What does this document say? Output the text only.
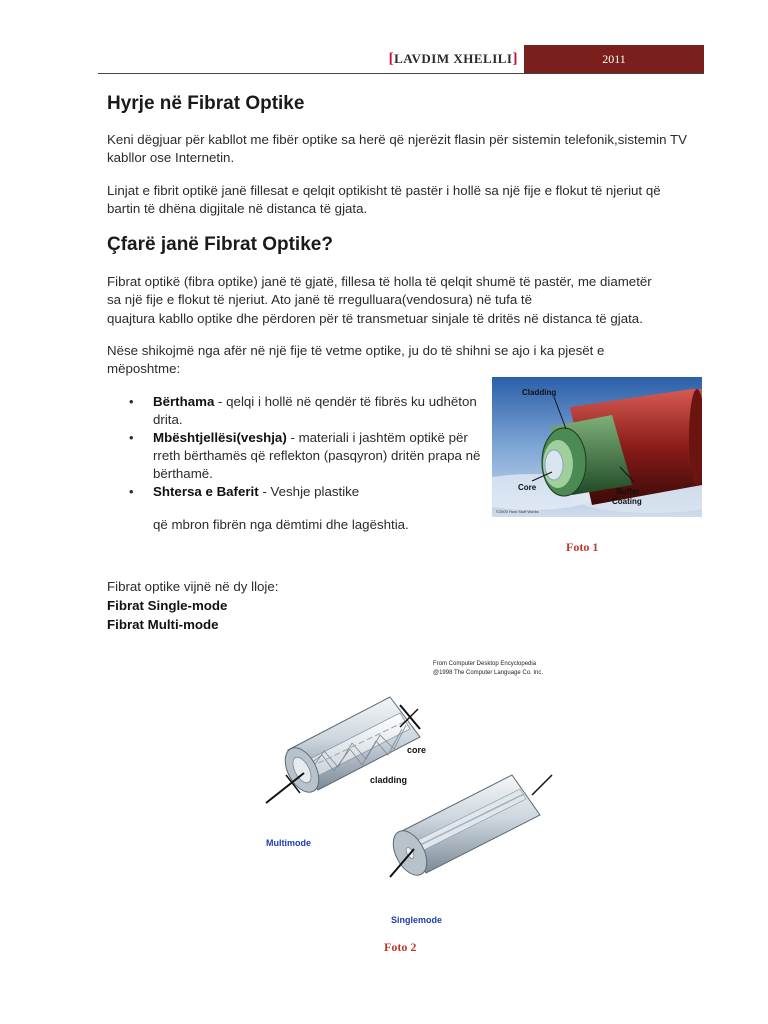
[LAVDIM XHELILI]	2011
Hyrje në Fibrat Optike

Keni dëgjuar për kabllot me fibër optike sa herë që njerëzit flasin për sistemin telefonik,sistemin TV kabllor ose Internetin.

Linjat e fibrit optikë janë fillesat e qelqit optikisht të pastër i hollë sa një fije e flokut të njeriut që bartin të dhëna digjitale në distanca të gjata.

Çfarë janë Fibrat Optike?

Fibrat optikë (fibra optike) janë të gjatë, fillesa të holla të qelqit shumë të pastër, me diametër

sa një fije e flokut të njeriut. Ato janë të rregulluara(vendosura) në tufa të

quajtura kabllo optike dhe përdoren për të transmetuar sinjale të dritës në distanca të gjata.

Nëse shikojmë nga afër në një fije të vetme optike, ju do të shihni se ajo i ka pjesët e mëposhtme:

• Bërthama - qelqi i hollë në qendër të fibrës ku udhëton drita.
• Mbështjellësi(veshja) - materiali i jashtëm optikë për rreth bërthamës që reflekton (pasqyron) dritën prapa në bërthamë.
• Shtersa e Baferit - Veshje plastike

që mbron fibrën nga dëmtimi dhe lagështia.

Cladding
Core	Buffer
Coating
©2000 How Stuff Works
Foto 1

Fibrat optike vijnë në dy lloje:

Fibrat Single-mode

Fibrat Multi-mode

From Computer Desktop Encyclopedia
@1998 The Computer Language Co. Inc.
core
cladding
Multimode
Singlemode
Foto 2
